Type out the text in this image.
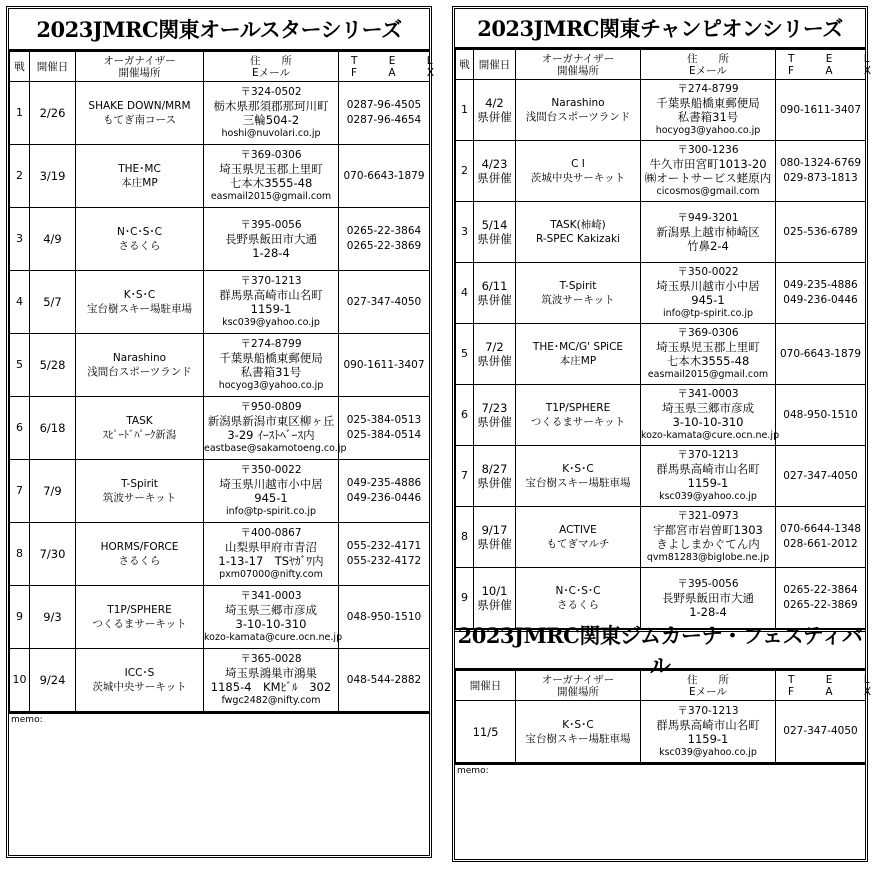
2023JMRC関東オールスターシリーズ
戦	開催日	オーガナイザー
開催場所	住　　所
Eメール	T E L
F A X

1	2/26	SHAKE DOWN/MRM
もてぎ南コース	〒324-0502
栃木県那須郡那珂川町
三輪504-2
hoshi@nuvolari.co.jp	0287-96-4505
0287-96-4654

2	3/19	THE･MC
本庄MP	〒369-0306
埼玉県児玉郡上里町
七本木3555-48
easmail2015@gmail.com	070-6643-1879

3	4/9	N･C･S･C
さるくら	〒395-0056
長野県飯田市大通
1-28-4	0265-22-3864
0265-22-3869

4	5/7	K･S･C
宝台樹スキー場駐車場	〒370-1213
群馬県高崎市山名町
1159-1
ksc039@yahoo.co.jp	027-347-4050

5	5/28	Narashino
浅間台スポーツランド	〒274-8799
千葉県船橋東郵便局
私書箱31号
hocyog3@yahoo.co.jp	090-1611-3407

6	6/18	TASK
ｽﾋﾟｰﾄﾞﾊﾟｰｸ新潟	〒950-0809
新潟県新潟市東区柳ヶ丘
3-29 ｲｰｽﾄﾍﾞｰｽ内
eastbase@sakamotoeng.co.jp	025-384-0513
025-384-0514

7	7/9	T-Spirit
筑波サーキット	〒350-0022
埼玉県川越市小中居
945-1
info@tp-spirit.co.jp	049-235-4886
049-236-0446

8	7/30	HORMS/FORCE
さるくら	〒400-0867
山梨県甲府市青沼
1-13-17　TSﾔｶﾞﾜ内
pxm07000@nifty.com	055-232-4171
055-232-4172

9	9/3	T1P/SPHERE
つくるまサーキット	〒341-0003
埼玉県三郷市彦成
3-10-10-310
kozo-kamata@cure.ocn.ne.jp	048-950-1510

10	9/24	ICC･S
茨城中央サーキット	〒365-0028
埼玉県鴻巣市鴻巣
1185-4　KMﾋﾞﾙ　302
fwgc2482@nifty.com	048-544-2882
memo:
2023JMRC関東チャンピオンシリーズ
戦	開催日	オーガナイザー
開催場所	住　　所
Eメール	T E L
F A X

1	4/2
県併催	Narashino
浅間台スポーツランド	〒274-8799
千葉県船橋東郵便局
私書箱31号
hocyog3@yahoo.co.jp	090-1611-3407

2	4/23
県併催	C I
茨城中央サーキット	〒300-1236
牛久市田宮町1013-20
㈱オートサービス蛯原内
cicosmos@gmail.com	080-1324-6769
029-873-1813

3	5/14
県併催	TASK(柿崎)
R-SPEC Kakizaki	〒949-3201
新潟県上越市柿崎区
竹鼻2-4	025-536-6789

4	6/11
県併催	T-Spirit
筑波サーキット	〒350-0022
埼玉県川越市小中居
945-1
info@tp-spirit.co.jp	049-235-4886
049-236-0446

5	7/2
県併催	THE･MC/G' SPiCE
本庄MP	〒369-0306
埼玉県児玉郡上里町
七本木3555-48
easmail2015@gmail.com	070-6643-1879

6	7/23
県併催	T1P/SPHERE
つくるまサーキット	〒341-0003
埼玉県三郷市彦成
3-10-10-310
kozo-kamata@cure.ocn.ne.jp	048-950-1510

7	8/27
県併催	K･S･C
宝台樹スキー場駐車場	〒370-1213
群馬県高崎市山名町
1159-1
ksc039@yahoo.co.jp	027-347-4050

8	9/17
県併催	ACTIVE
もてぎマルチ	〒321-0973
宇都宮市岩曽町1303
きよしまかぐてん内
qvm81283@biglobe.ne.jp	070-6644-1348
028-661-2012

9	10/1
県併催	N･C･S･C
さるくら	〒395-0056
長野県飯田市大通
1-28-4	0265-22-3864
0265-22-3869
2023JMRC関東ジムカーナ・フェスティバル
開催日	オーガナイザー
開催場所	住　　所
Eメール	T E L
F A X

11/5	K･S･C
宝台樹スキー場駐車場	〒370-1213
群馬県高崎市山名町
1159-1
ksc039@yahoo.co.jp	027-347-4050
memo:
